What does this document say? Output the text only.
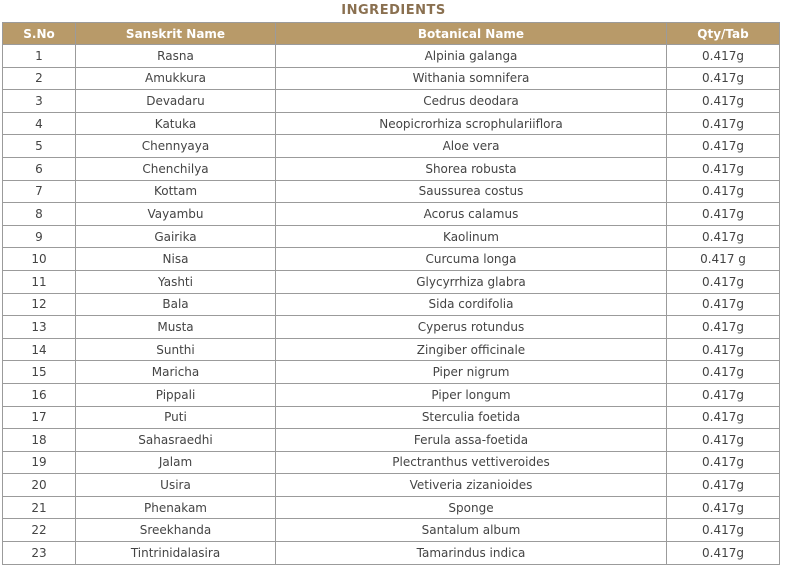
INGREDIENTS
S.No	Sanskrit Name	Botanical Name	Qty/Tab
1	Rasna	Alpinia galanga	0.417g
2	Amukkura	Withania somnifera	0.417g
3	Devadaru	Cedrus deodara	0.417g
4	Katuka	Neopicrorhiza scrophulariiflora	0.417g
5	Chennyaya	Aloe vera	0.417g
6	Chenchilya	Shorea robusta	0.417g
7	Kottam	Saussurea costus	0.417g
8	Vayambu	Acorus calamus	0.417g
9	Gairika	Kaolinum	0.417g
10	Nisa	Curcuma longa	0.417 g
11	Yashti	Glycyrrhiza glabra	0.417g
12	Bala	Sida cordifolia	0.417g
13	Musta	Cyperus rotundus	0.417g
14	Sunthi	Zingiber officinale	0.417g
15	Maricha	Piper nigrum	0.417g
16	Pippali	Piper longum	0.417g
17	Puti	Sterculia foetida	0.417g
18	Sahasraedhi	Ferula assa-foetida	0.417g
19	Jalam	Plectranthus vettiveroides	0.417g
20	Usira	Vetiveria zizanioides	0.417g
21	Phenakam	Sponge	0.417g
22	Sreekhanda	Santalum album	0.417g
23	Tintrinidalasira	Tamarindus indica	0.417g
